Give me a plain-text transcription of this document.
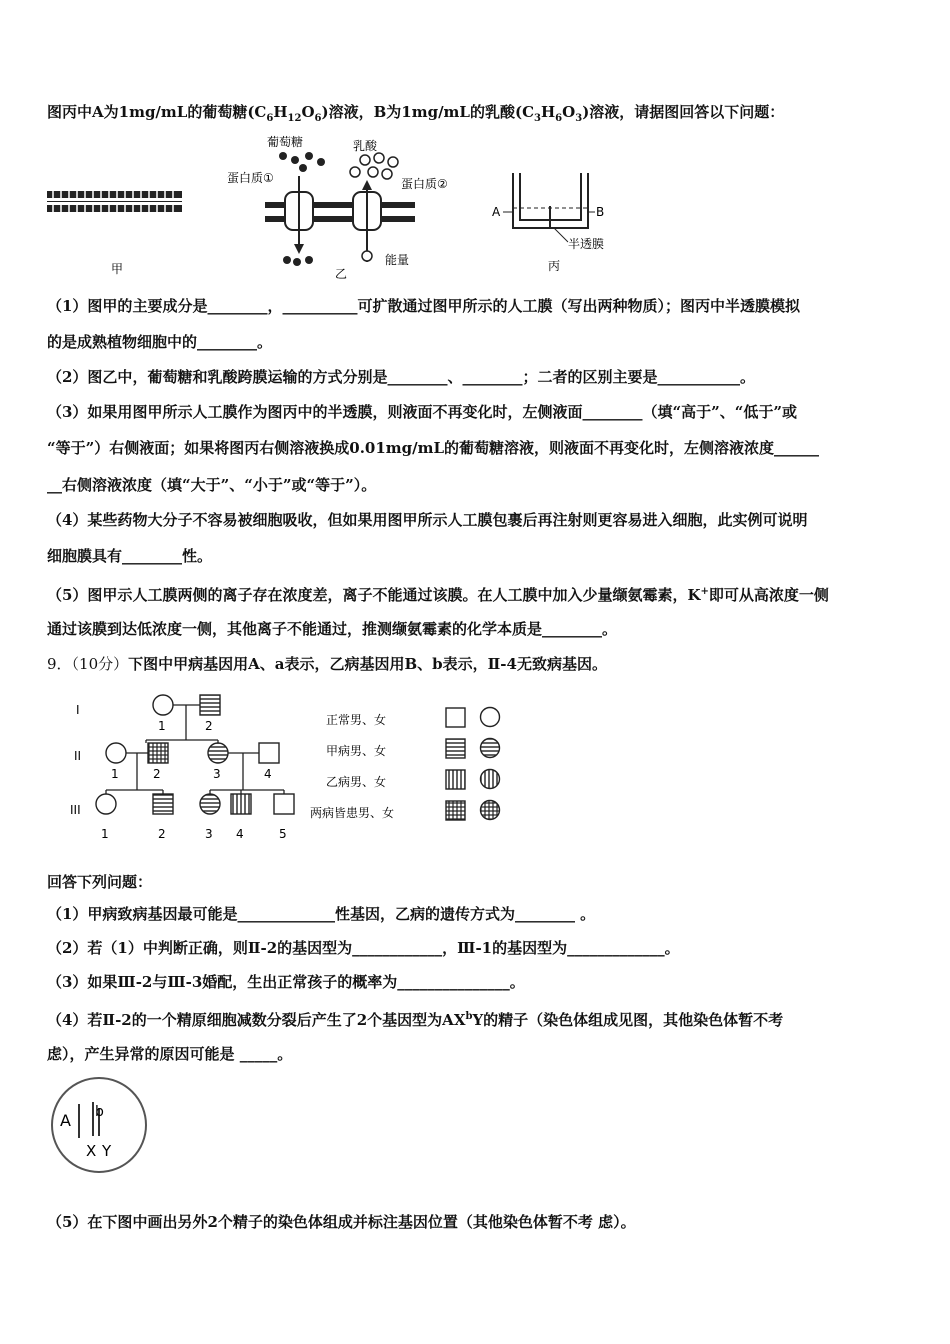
图丙中A为1mg/mL的葡萄糖$(C_6H_{12}O_6)$溶液，B为1mg/mL的乳酸$(C_3H_6O_3)$溶液，请据图回答以下问题：
甲
葡萄糖	乳酸
蛋白质①	蛋白质②
能量
乙
A	B
半透膜
丙
（1）图甲的主要成分是________，__________可扩散通过图甲所示的人工膜（写出两种物质）；图丙中半透膜模拟
的是成熟植物细胞中的________。
（2）图乙中，葡萄糖和乳酸跨膜运输的方式分别是________、________；二者的区别主要是___________。
（3）如果用图甲所示人工膜作为图丙中的半透膜，则液面不再变化时，左侧液面________（填“高于”、“低于”或
“等于”）右侧液面；如果将图丙右侧溶液换成0.01mg/mL的葡萄糖溶液，则液面不再变化时，左侧溶液浓度______
__右侧溶液浓度（填“大于”、“小于”或“等于”）。
（4）某些药物大分子不容易被细胞吸收，但如果用图甲所示人工膜包裹后再注射则更容易进入细胞，此实例可说明
细胞膜具有________性。
（5）图甲示人工膜两侧的离子存在浓度差，离子不能通过该膜。在人工膜中加入少量缬氨霉素，K+即可从高浓度一侧
通过该膜到达低浓度一侧，其他离子不能通过，推测缬氨霉素的化学本质是________。
9．（10分）下图中甲病基因用A、a表示，乙病基因用B、b表示，Ⅱ-4无致病基因。
I
II
III
1	2
1	2	3	4
1	2	3 4	5
正常男、女
甲病男、女
乙病男、女
两病皆患男、女
回答下列问题：
（1）甲病致病基因最可能是_____________性基因，乙病的遗传方式为________ 。
（2）若（1）中判断正确，则Ⅱ-2的基因型为____________，Ⅲ-1的基因型为_____________。
（3）如果Ⅲ-2与Ⅲ-3婚配，生出正常孩子的概率为_______________。
（4）若Ⅱ-2的一个精原细胞减数分裂后产生了2个基因型为$AX^bY$的精子（染色体组成见图，其他染色体暂不考
虑），产生异常的原因可能是 _____。
A b
X Y
（5）在下图中画出另外2个精子的染色体组成并标注基因位置（其他染色体暂不考 虑）。
